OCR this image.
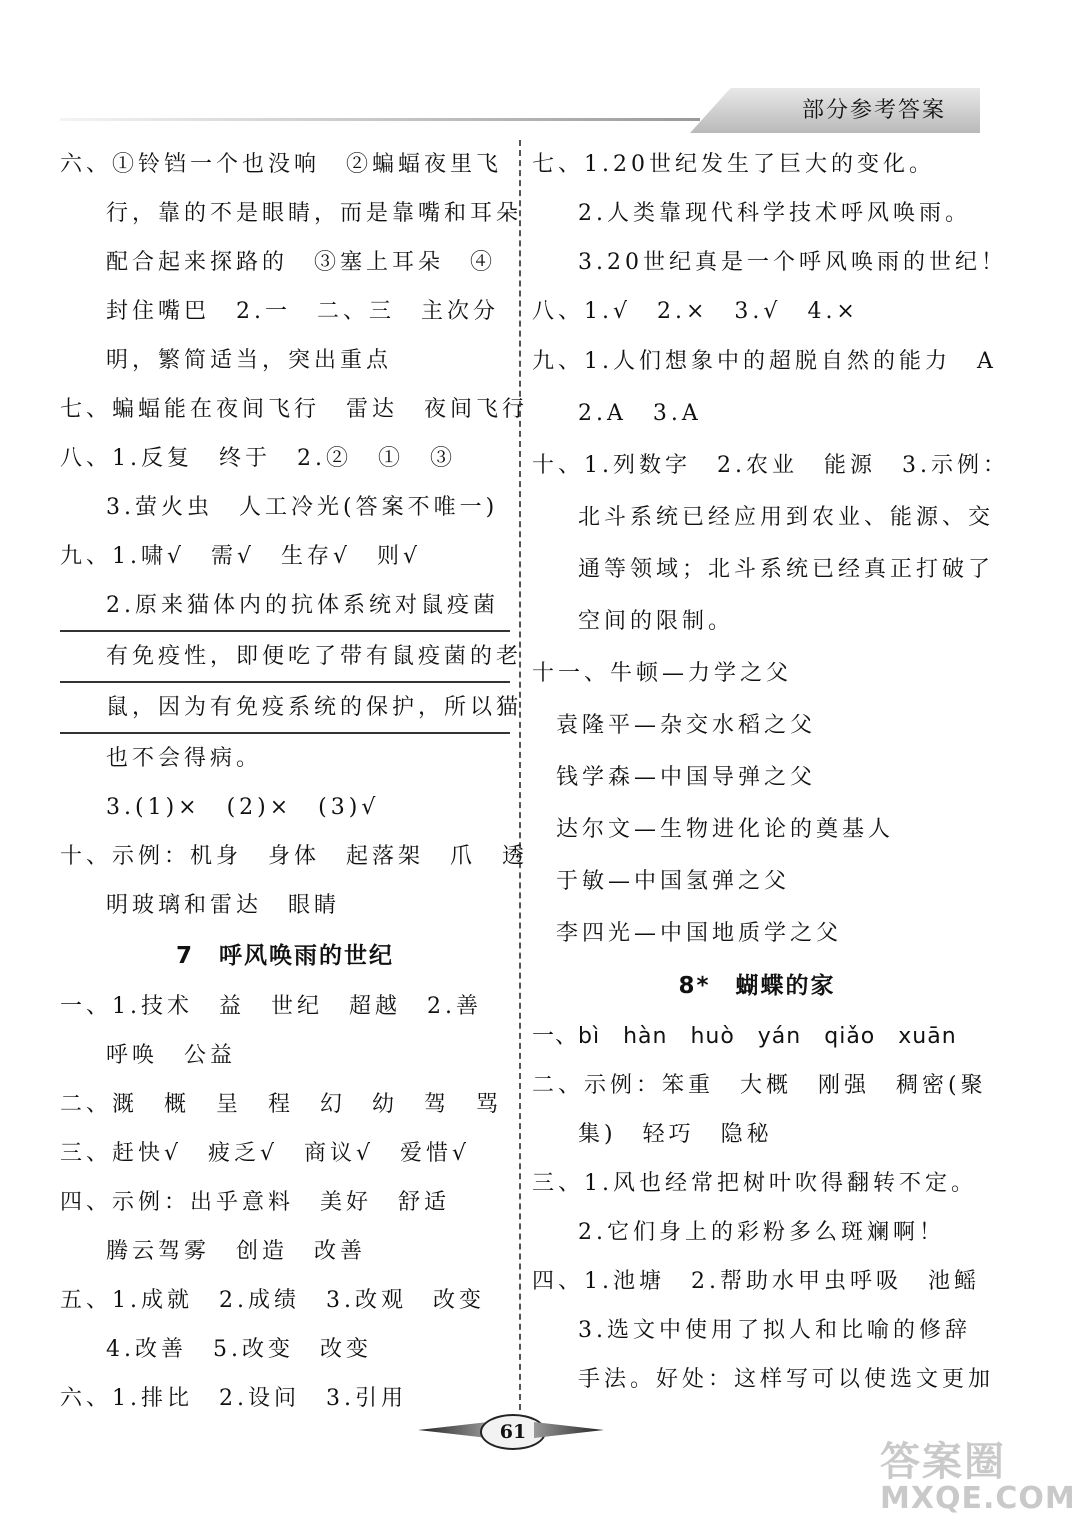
部分参考答案
六、①铃铛一个也没响　②蝙蝠夜里飞
行，靠的不是眼睛，而是靠嘴和耳朵
配合起来探路的　③塞上耳朵　④
封住嘴巴　2.一　二、三　主次分
明，繁简适当，突出重点
七、蝙蝠能在夜间飞行　雷达　夜间飞行
八、1.反复　终于　2.②　①　③
3.萤火虫　人工冷光(答案不唯一)
九、1.啸√　需√　生存√　则√
2.原来猫体内的抗体系统对鼠疫菌
有免疫性，即便吃了带有鼠疫菌的老
鼠，因为有免疫系统的保护，所以猫
也不会得病。
3.(1)×　(2)×　(3)√
十、示例：机身　身体　起落架　爪　透
明玻璃和雷达　眼睛
7　呼风唤雨的世纪
一、1.技术　益　世纪　超越　2.善
呼唤　公益
二、溉　概　呈　程　幻　幼　驾　骂
三、赶快√　疲乏√　商议√　爱惜√
四、示例：出乎意料　美好　舒适
腾云驾雾　创造　改善
五、1.成就　2.成绩　3.改观　改变
4.改善　5.改变　改变
六、1.排比　2.设问　3.引用
七、1.20世纪发生了巨大的变化。
2.人类靠现代科学技术呼风唤雨。
3.20世纪真是一个呼风唤雨的世纪！
八、1.√　2.×　3.√　4.×
九、1.人们想象中的超脱自然的能力　A
2.A　3.A
十、1.列数字　2.农业　能源　3.示例：
北斗系统已经应用到农业、能源、交
通等领域；北斗系统已经真正打破了
空间的限制。
十一、牛顿—力学之父
袁隆平—杂交水稻之父
钱学森—中国导弹之父
达尔文—生物进化论的奠基人
于敏—中国氢弹之父
李四光—中国地质学之父
8*　蝴蝶的家
一、bì　hàn　huò　yán　qiǎo　xuān
二、示例：笨重　大概　刚强　稠密(聚
集)　轻巧　隐秘
三、1.风也经常把树叶吹得翻转不定。
2.它们身上的彩粉多么斑斓啊！
四、1.池塘　2.帮助水甲虫呼吸　池鳐
3.选文中使用了拟人和比喻的修辞
手法。好处：这样写可以使选文更加
61
答案圈
MXQE.COM
